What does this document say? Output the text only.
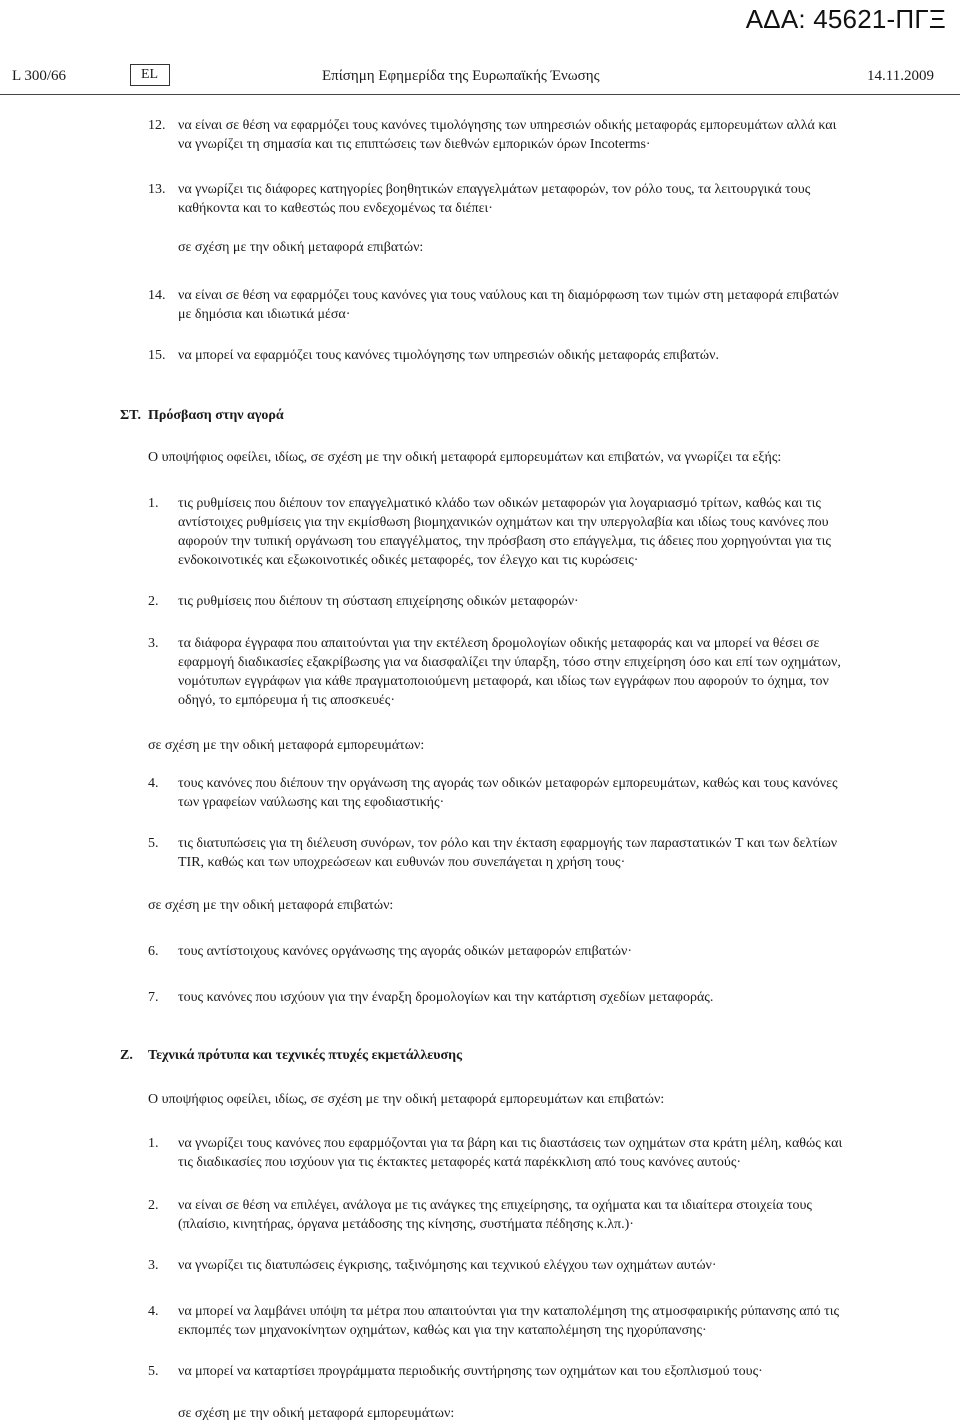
ΑΔΑ: 45621-ΠΓΞ
L 300/66	EL	Επίσημη Εφημερίδα της Ευρωπαϊκής Ένωσης	14.11.2009
12. να είναι σε θέση να εφαρμόζει τους κανόνες τιμολόγησης των υπηρεσιών οδικής μεταφοράς εμπορευμάτων αλλά και να γνωρίζει τη σημασία και τις επιπτώσεις των διεθνών εμπορικών όρων Incoterms·
13. να γνωρίζει τις διάφορες κατηγορίες βοηθητικών επαγγελμάτων μεταφορών, τον ρόλο τους, τα λειτουργικά τους καθήκοντα και το καθεστώς που ενδεχομένως τα διέπει·
σε σχέση με την οδική μεταφορά επιβατών:
14. να είναι σε θέση να εφαρμόζει τους κανόνες για τους ναύλους και τη διαμόρφωση των τιμών στη μεταφορά επιβατών με δημόσια και ιδιωτικά μέσα·
15. να μπορεί να εφαρμόζει τους κανόνες τιμολόγησης των υπηρεσιών οδικής μεταφοράς επιβατών.
ΣΤ. Πρόσβαση στην αγορά
Ο υποψήφιος οφείλει, ιδίως, σε σχέση με την οδική μεταφορά εμπορευμάτων και επιβατών, να γνωρίζει τα εξής:
1. τις ρυθμίσεις που διέπουν τον επαγγελματικό κλάδο των οδικών μεταφορών για λογαριασμό τρίτων, καθώς και τις αντίστοιχες ρυθμίσεις για την εκμίσθωση βιομηχανικών οχημάτων και την υπεργολαβία και ιδίως τους κανόνες που αφορούν την τυπική οργάνωση του επαγγέλματος, την πρόσβαση στο επάγγελμα, τις άδειες που χορηγούνται για τις ενδοκοινοτικές και εξωκοινοτικές οδικές μεταφορές, τον έλεγχο και τις κυρώσεις·
2. τις ρυθμίσεις που διέπουν τη σύσταση επιχείρησης οδικών μεταφορών·
3. τα διάφορα έγγραφα που απαιτούνται για την εκτέλεση δρομολογίων οδικής μεταφοράς και να μπορεί να θέσει σε εφαρμογή διαδικασίες εξακρίβωσης για να διασφαλίζει την ύπαρξη, τόσο στην επιχείρηση όσο και επί των οχημάτων, νομότυπων εγγράφων για κάθε πραγματοποιούμενη μεταφορά, και ιδίως των εγγράφων που αφορούν το όχημα, τον οδηγό, το εμπόρευμα ή τις αποσκευές·
σε σχέση με την οδική μεταφορά εμπορευμάτων:
4. τους κανόνες που διέπουν την οργάνωση της αγοράς των οδικών μεταφορών εμπορευμάτων, καθώς και τους κανόνες των γραφείων ναύλωσης και της εφοδιαστικής·
5. τις διατυπώσεις για τη διέλευση συνόρων, τον ρόλο και την έκταση εφαρμογής των παραστατικών T και των δελτίων TIR, καθώς και των υποχρεώσεων και ευθυνών που συνεπάγεται η χρήση τους·
σε σχέση με την οδική μεταφορά επιβατών:
6. τους αντίστοιχους κανόνες οργάνωσης της αγοράς οδικών μεταφορών επιβατών·
7. τους κανόνες που ισχύουν για την έναρξη δρομολογίων και την κατάρτιση σχεδίων μεταφοράς.
Ζ. Τεχνικά πρότυπα και τεχνικές πτυχές εκμετάλλευσης
Ο υποψήφιος οφείλει, ιδίως, σε σχέση με την οδική μεταφορά εμπορευμάτων και επιβατών:
1. να γνωρίζει τους κανόνες που εφαρμόζονται για τα βάρη και τις διαστάσεις των οχημάτων στα κράτη μέλη, καθώς και τις διαδικασίες που ισχύουν για τις έκτακτες μεταφορές κατά παρέκκλιση από τους κανόνες αυτούς·
2. να είναι σε θέση να επιλέγει, ανάλογα με τις ανάγκες της επιχείρησης, τα οχήματα και τα ιδιαίτερα στοιχεία τους (πλαίσιο, κινητήρας, όργανα μετάδοσης της κίνησης, συστήματα πέδησης κ.λπ.)·
3. να γνωρίζει τις διατυπώσεις έγκρισης, ταξινόμησης και τεχνικού ελέγχου των οχημάτων αυτών·
4. να μπορεί να λαμβάνει υπόψη τα μέτρα που απαιτούνται για την καταπολέμηση της ατμοσφαιρικής ρύπανσης από τις εκπομπές των μηχανοκίνητων οχημάτων, καθώς και για την καταπολέμηση της ηχορύπανσης·
5. να μπορεί να καταρτίσει προγράμματα περιοδικής συντήρησης των οχημάτων και του εξοπλισμού τους·
σε σχέση με την οδική μεταφορά εμπορευμάτων:
